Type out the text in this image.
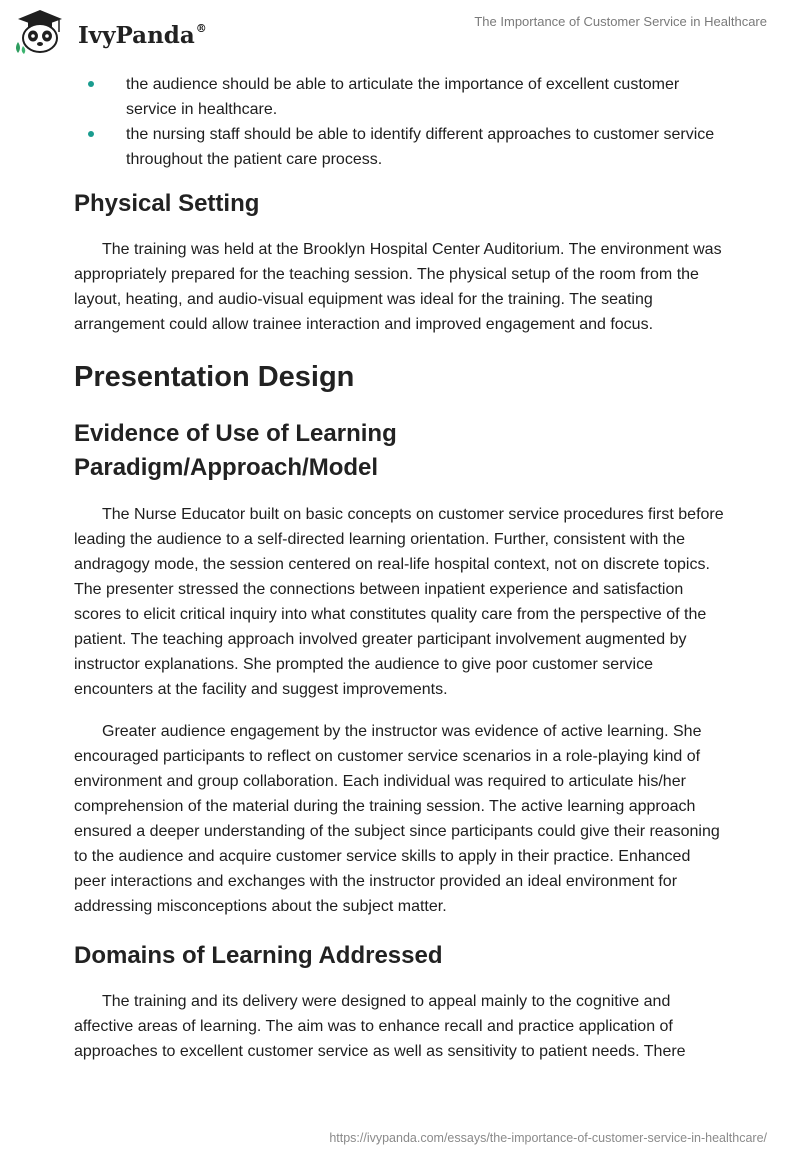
IvyPanda®	The Importance of Customer Service in Healthcare
the audience should be able to articulate the importance of excellent customer service in healthcare.
the nursing staff should be able to identify different approaches to customer service throughout the patient care process.
Physical Setting

The training was held at the Brooklyn Hospital Center Auditorium. The environment was appropriately prepared for the teaching session. The physical setup of the room from the layout, heating, and audio-visual equipment was ideal for the training. The seating arrangement could allow trainee interaction and improved engagement and focus.

Presentation Design
Evidence of Use of Learning
Paradigm/Approach/Model

The Nurse Educator built on basic concepts on customer service procedures first before leading the audience to a self-directed learning orientation. Further, consistent with the andragogy mode, the session centered on real-life hospital context, not on discrete topics. The presenter stressed the connections between inpatient experience and satisfaction scores to elicit critical inquiry into what constitutes quality care from the perspective of the patient. The teaching approach involved greater participant involvement augmented by instructor explanations. She prompted the audience to give poor customer service encounters at the facility and suggest improvements.

Greater audience engagement by the instructor was evidence of active learning. She encouraged participants to reflect on customer service scenarios in a role-playing kind of environment and group collaboration. Each individual was required to articulate his/her comprehension of the material during the training session. The active learning approach ensured a deeper understanding of the subject since participants could give their reasoning to the audience and acquire customer service skills to apply in their practice. Enhanced peer interactions and exchanges with the instructor provided an ideal environment for addressing misconceptions about the subject matter.

Domains of Learning Addressed

The training and its delivery were designed to appeal mainly to the cognitive and affective areas of learning. The aim was to enhance recall and practice application of approaches to excellent customer service as well as sensitivity to patient needs. There

https://ivypanda.com/essays/the-importance-of-customer-service-in-healthcare/
